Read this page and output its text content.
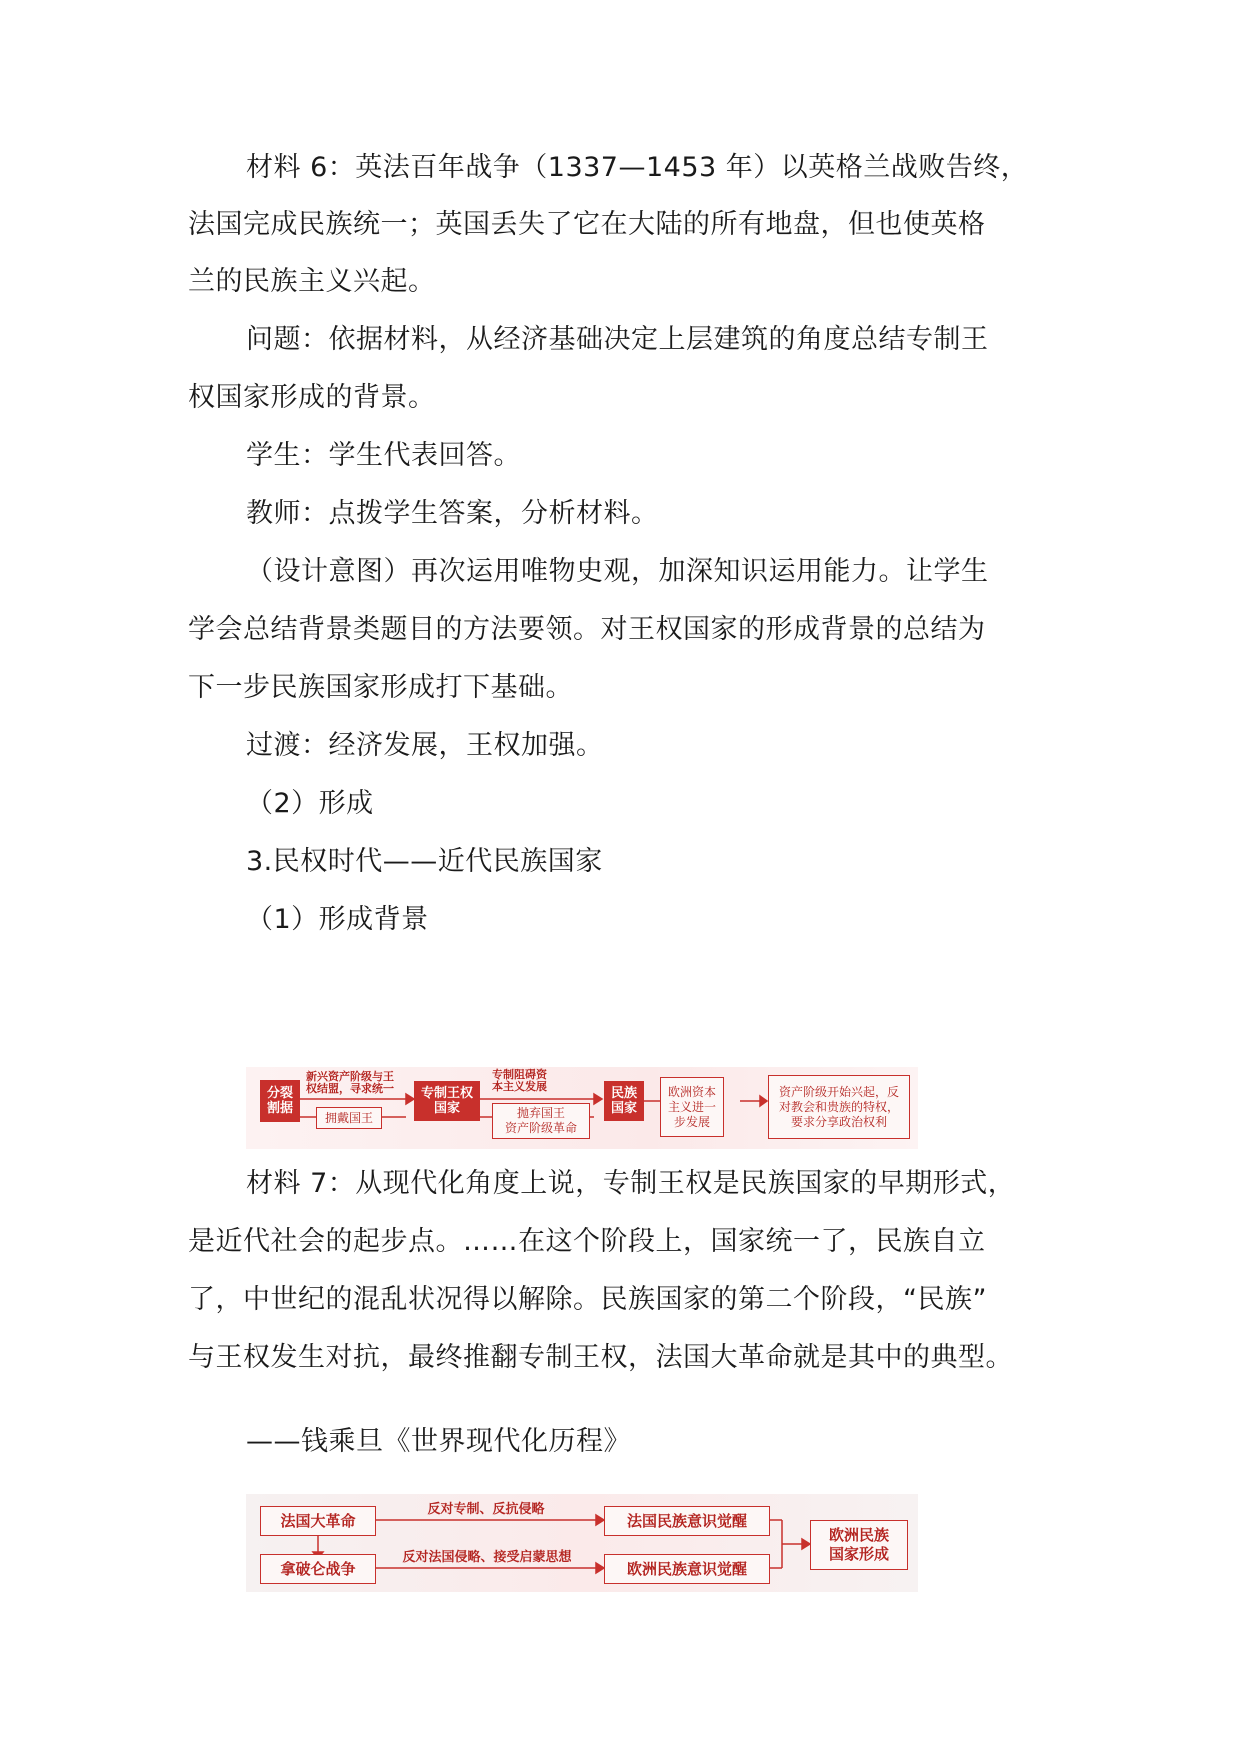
材料 6：英法百年战争（1337—1453 年）以英格兰战败告终，
法国完成民族统一；英国丢失了它在大陆的所有地盘，但也使英格
兰的民族主义兴起。
问题：依据材料，从经济基础决定上层建筑的角度总结专制王
权国家形成的背景。
学生：学生代表回答。
教师：点拨学生答案，分析材料。
（设计意图）再次运用唯物史观，加深知识运用能力。让学生
学会总结背景类题目的方法要领。对王权国家的形成背景的总结为
下一步民族国家形成打下基础。
过渡：经济发展，王权加强。
（2）形成
3.民权时代——近代民族国家
（1）形成背景
分裂
割据
新兴资产阶级与王
权结盟，寻求统一
拥戴国王
专制王权
国家
专制阻碍资
本主义发展
抛弃国王
资产阶级革命
民族
国家
欧洲资本
主义进一
步发展
资产阶级开始兴起，反
对教会和贵族的特权，
要求分享政治权利
材料 7：从现代化角度上说，专制王权是民族国家的早期形式，
是近代社会的起步点。……在这个阶段上，国家统一了，民族自立
了，中世纪的混乱状况得以解除。民族国家的第二个阶段，“民族”
与王权发生对抗，最终推翻专制王权，法国大革命就是其中的典型。
——钱乘旦《世界现代化历程》
法国大革命
拿破仑战争
反对专制、反抗侵略
反对法国侵略、接受启蒙思想
法国民族意识觉醒
欧洲民族意识觉醒
欧洲民族
国家形成
